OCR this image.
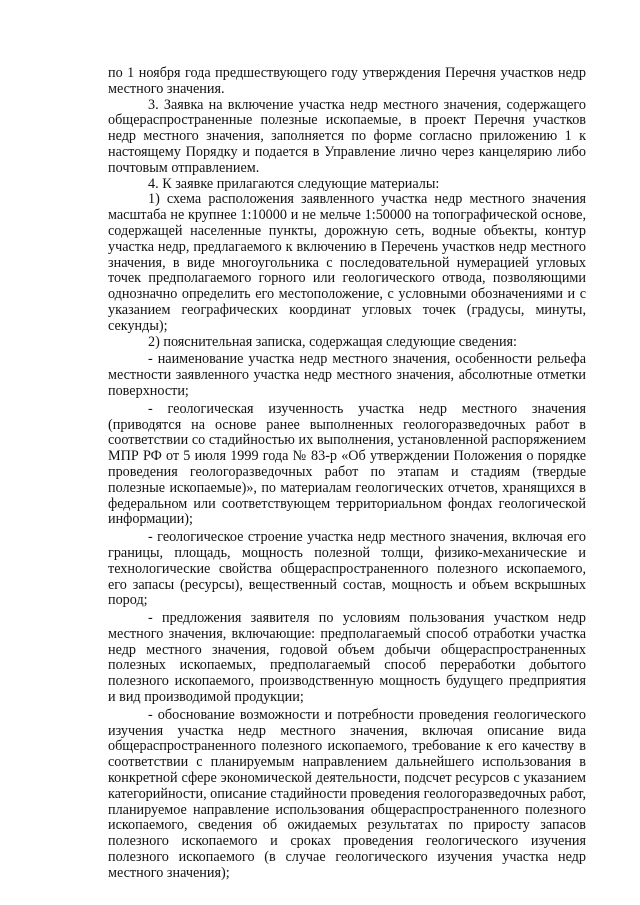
по 1 ноября года предшествующего году утверждения Перечня участков недр местного значения.

3. Заявка на включение участка недр местного значения, содержащего общераспространенные полезные ископаемые, в проект Перечня участков недр местного значения, заполняется по форме согласно приложению 1 к настоящему Порядку и подается в Управление лично через канцелярию либо почтовым отправлением.

4. К заявке прилагаются следующие материалы:

1) схема расположения заявленного участка недр местного значения масштаба не крупнее 1:10000 и не мельче 1:50000 на топографической основе, содержащей населенные пункты, дорожную сеть, водные объекты, контур участка недр, предлагаемого к включению в Перечень участков недр местного значения, в виде многоугольника с последовательной нумерацией угловых точек предполагаемого горного или геологического отвода, позволяющими однозначно определить его местоположение, с условными обозначениями и с указанием географических координат угловых точек (градусы, минуты, секунды);

2) пояснительная записка, содержащая следующие сведения:

- наименование участка недр местного значения, особенности рельефа местности заявленного участка недр местного значения, абсолютные отметки поверхности;

- геологическая изученность участка недр местного значения (приводятся на основе ранее выполненных геологоразведочных работ в соответствии со стадийностью их выполнения, установленной распоряжением МПР РФ от 5 июля 1999 года № 83-р «Об утверждении Положения о порядке проведения геологоразведочных работ по этапам и стадиям (твердые полезные ископаемые)», по материалам геологических отчетов, хранящихся в федеральном или соответствующем территориальном фондах геологической информации);

- геологическое строение участка недр местного значения, включая его границы, площадь, мощность полезной толщи, физико-механические и технологические свойства общераспространенного полезного ископаемого, его запасы (ресурсы), вещественный состав, мощность и объем вскрышных пород;

- предложения заявителя по условиям пользования участком недр местного значения, включающие: предполагаемый способ отработки участка недр местного значения, годовой объем добычи общераспространенных полезных ископаемых, предполагаемый способ переработки добытого полезного ископаемого, производственную мощность будущего предприятия и вид производимой продукции;

- обоснование возможности и потребности проведения геологического изучения участка недр местного значения, включая описание вида общераспространенного полезного ископаемого, требование к его качеству в соответствии с планируемым направлением дальнейшего использования в конкретной сфере экономической деятельности, подсчет ресурсов с указанием категорийности, описание стадийности проведения геологоразведочных работ, планируемое направление использования общераспространенного полезного ископаемого, сведения об ожидаемых результатах по приросту запасов полезного ископаемого и сроках проведения геологического изучения полезного ископаемого (в случае геологического изучения участка недр местного значения);
